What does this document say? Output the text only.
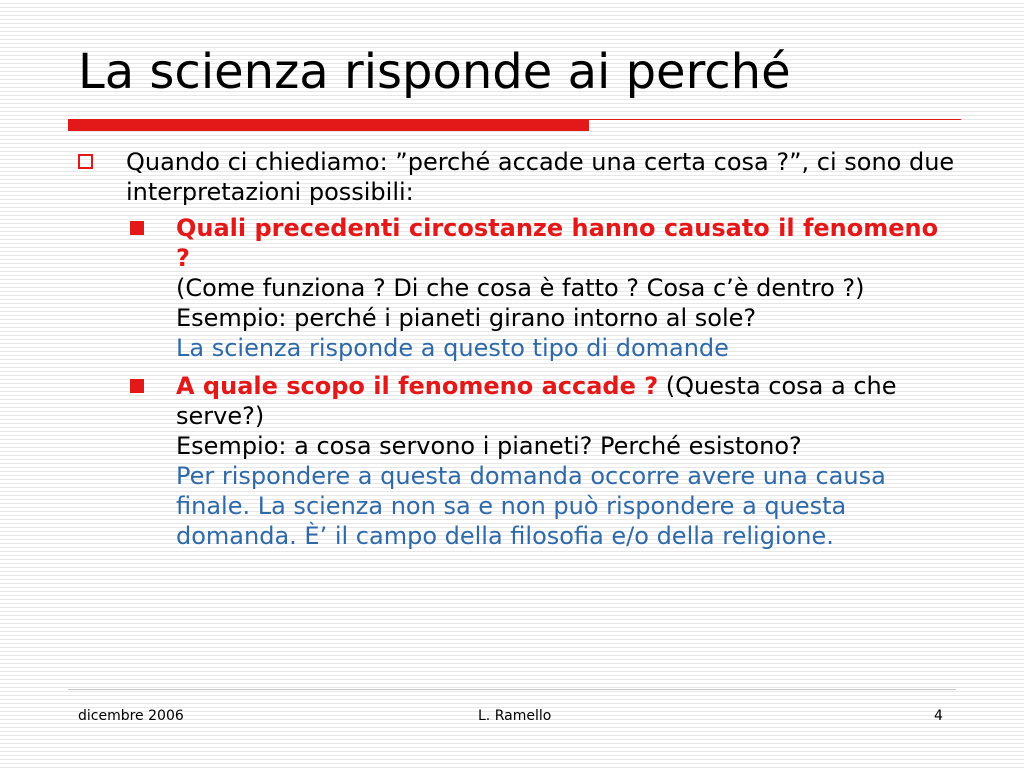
La scienza risponde ai perché
Quando ci chiediamo: ”perché accade una certa cosa ?”, ci sono due interpretazioni possibili:
Quali precedenti circostanze hanno causato il fenomeno ?
(Come funziona ? Di che cosa è fatto ? Cosa c’è dentro ?)
Esempio: perché i pianeti girano intorno al sole?
La scienza risponde a questo tipo di domande
A quale scopo il fenomeno accade ? (Questa cosa a che serve?)
Esempio: a cosa servono i pianeti? Perché esistono?
Per rispondere a questa domanda occorre avere una causa finale. La scienza non sa e non può rispondere a questa domanda. È’ il campo della filosofia e/o della religione.
dicembre 2006	L. Ramello	4
